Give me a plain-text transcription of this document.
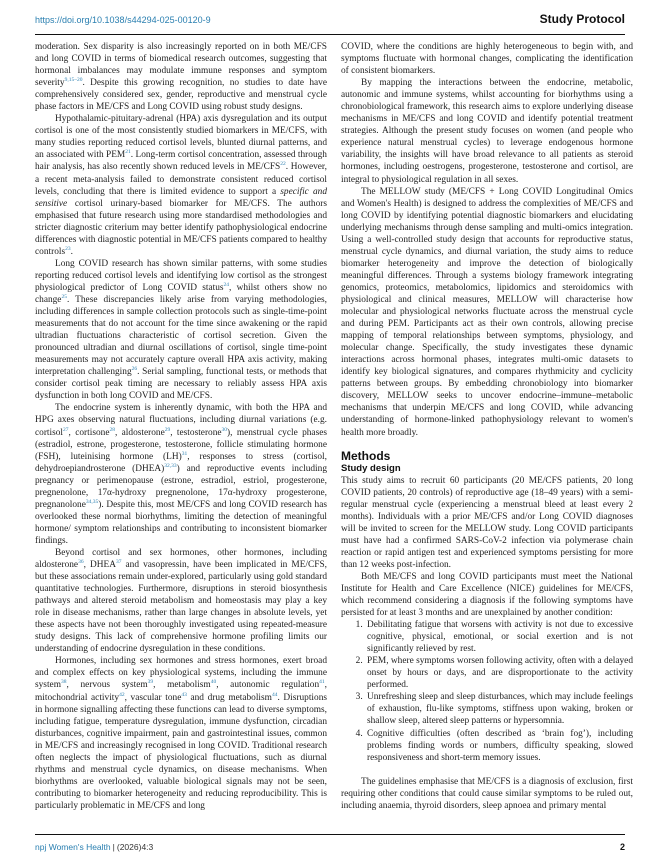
https://doi.org/10.1038/s44294-025-00120-9	Study Protocol

moderation. Sex disparity is also increasingly reported on in both ME/CFS and long COVID in terms of biomedical research outcomes, suggesting that hormonal imbalances may modulate immune responses and symptom severity$^{9,15-20}$. Despite this growing recognition, no studies to date have comprehensively considered sex, gender, reproductive and menstrual cycle phase factors in ME/CFS and Long COVID using robust study designs.

Hypothalamic-pituitary-adrenal (HPA) axis dysregulation and its output cortisol is one of the most consistently studied biomarkers in ME/CFS, with many studies reporting reduced cortisol levels, blunted diurnal patterns, and an associated with PEM$^{21}$. Long-term cortisol concentration, assessed through hair analysis, has also recently shown reduced levels in ME/CFS$^{22}$. However, a recent meta-analysis failed to demonstrate consistent reduced cortisol levels, concluding that there is limited evidence to support a specific and sensitive cortisol urinary-based biomarker for ME/CFS. The authors emphasised that future research using more standardised methodologies and stricter diagnostic criterium may better identify pathophysiological endocrine differences with diagnostic potential in ME/CFS patients compared to healthy controls$^{23}$.

Long COVID research has shown similar patterns, with some studies reporting reduced cortisol levels and identifying low cortisol as the strongest physiological predictor of Long COVID status$^{24}$, whilst others show no change$^{25}$. These discrepancies likely arise from varying methodologies, including differences in sample collection protocols such as single-time-point measurements that do not account for the time since awakening or the rapid ultradian fluctuations characteristic of cortisol secretion. Given the pronounced ultradian and diurnal oscillations of cortisol, single time-point measurements may not accurately capture overall HPA axis activity, making interpretation challenging$^{26}$. Serial sampling, functional tests, or methods that consider cortisol peak timing are necessary to reliably assess HPA axis dysfunction in both long COVID and ME/CFS.

The endocrine system is inherently dynamic, with both the HPA and HPG axes observing natural fluctuations, including diurnal variations (e.g. cortisol$^{27}$, cortisone$^{28}$, aldosterone$^{29}$, testosterone$^{30}$), menstrual cycle phases (estradiol, estrone, progesterone, testosterone, follicle stimulating hormone (FSH), luteinising hormone (LH)$^{31}$, responses to stress (cortisol, dehydroepiandrosterone (DHEA)$^{32,33}$) and reproductive events including pregnancy or perimenopause (estrone, estradiol, estriol, progesterone, pregnenolone, 17α-hydroxy pregnenolone, 17α-hydroxy progesterone, pregnanolone$^{34,35}$). Despite this, most ME/CFS and long COVID research has overlooked these normal biorhythms, limiting the detection of meaningful hormone/ symptom relationships and contributing to inconsistent biomarker findings.

Beyond cortisol and sex hormones, other hormones, including aldosterone$^{36}$, DHEA$^{37}$ and vasopressin, have been implicated in ME/CFS, but these associations remain under-explored, particularly using gold standard quantitative technologies. Furthermore, disruptions in steroid biosynthesis pathways and altered steroid metabolism and homeostasis may play a key role in disease mechanisms, rather than large changes in absolute levels, yet these aspects have not been thoroughly investigated using repeated-measure study designs. This lack of comprehensive hormone profiling limits our understanding of endocrine dysregulation in these conditions.

Hormones, including sex hormones and stress hormones, exert broad and complex effects on key physiological systems, including the immune system$^{38}$, nervous system$^{39}$, metabolism$^{40}$, autonomic regulation$^{41}$, mitochondrial activity$^{42}$, vascular tone$^{43}$ and drug metabolism$^{44}$. Disruptions in hormone signalling affecting these functions can lead to diverse symptoms, including fatigue, temperature dysregulation, immune dysfunction, circadian disturbances, cognitive impairment, pain and gastrointestinal issues, common in ME/CFS and increasingly recognised in long COVID. Traditional research often neglects the impact of physiological fluctuations, such as diurnal rhythms and menstrual cycle dynamics, on disease mechanisms. When biorhythms are overlooked, valuable biological signals may not be seen, contributing to biomarker heterogeneity and reducing reproducibility. This is particularly problematic in ME/CFS and long

COVID, where the conditions are highly heterogeneous to begin with, and symptoms fluctuate with hormonal changes, complicating the identification of consistent biomarkers.

By mapping the interactions between the endocrine, metabolic, autonomic and immune systems, whilst accounting for biorhythms using a chronobiological framework, this research aims to explore underlying disease mechanisms in ME/CFS and long COVID and identify potential treatment strategies. Although the present study focuses on women (and people who experience natural menstrual cycles) to leverage endogenous hormone variability, the insights will have broad relevance to all patients as steroid hormones, including oestrogens, progesterone, testosterone and cortisol, are integral to physiological regulation in all sexes.

The MELLOW study (ME/CFS + Long COVID Longitudinal Omics and Women's Health) is designed to address the complexities of ME/CFS and long COVID by identifying potential diagnostic biomarkers and elucidating underlying mechanisms through dense sampling and multi-omics integration. Using a well-controlled study design that accounts for reproductive status, menstrual cycle dynamics, and diurnal variation, the study aims to reduce biomarker heterogeneity and improve the detection of biologically meaningful differences. Through a systems biology framework integrating genomics, proteomics, metabolomics, lipidomics and steroidomics with physiological and clinical measures, MELLOW will characterise how molecular and physiological networks fluctuate across the menstrual cycle and during PEM. Participants act as their own controls, allowing precise mapping of temporal relationships between symptoms, physiology, and molecular change. Specifically, the study investigates these dynamic interactions across hormonal phases, integrates multi-omic datasets to identify key biological signatures, and compares rhythmicity and cyclicity patterns between groups. By embedding chronobiology into biomarker discovery, MELLOW seeks to uncover endocrine–immune–metabolic mechanisms that underpin ME/CFS and long COVID, while advancing understanding of hormone-linked pathophysiology relevant to women's health more broadly.

Methods
Study design

This study aims to recruit 60 participants (20 ME/CFS patients, 20 long COVID patients, 20 controls) of reproductive age (18–49 years) with a semi-regular menstrual cycle (experiencing a menstrual bleed at least every 2 months). Individuals with a prior ME/CFS and/or Long COVID diagnoses will be invited to screen for the MELLOW study. Long COVID participants must have had a confirmed SARS-CoV-2 infection via polymerase chain reaction or rapid antigen test and experienced symptoms persisting for more than 12 weeks post-infection.

Both ME/CFS and long COVID participants must meet the National Institute for Health and Care Excellence (NICE) guidelines for ME/CFS, which recommend considering a diagnosis if the following symptoms have persisted for at least 3 months and are unexplained by another condition:

1. Debilitating fatigue that worsens with activity is not due to excessive cognitive, physical, emotional, or social exertion and is not significantly relieved by rest.
2. PEM, where symptoms worsen following activity, often with a delayed onset by hours or days, and are disproportionate to the activity performed.
3. Unrefreshing sleep and sleep disturbances, which may include feelings of exhaustion, flu-like symptoms, stiffness upon waking, broken or shallow sleep, altered sleep patterns or hypersomnia.
4. Cognitive difficulties (often described as ‘brain fog’), including problems finding words or numbers, difficulty speaking, slowed responsiveness and short-term memory issues.

The guidelines emphasise that ME/CFS is a diagnosis of exclusion, first requiring other conditions that could cause similar symptoms to be ruled out, including anaemia, thyroid disorders, sleep apnoea and primary mental

npj Women's Health | (2026)4:3	2
